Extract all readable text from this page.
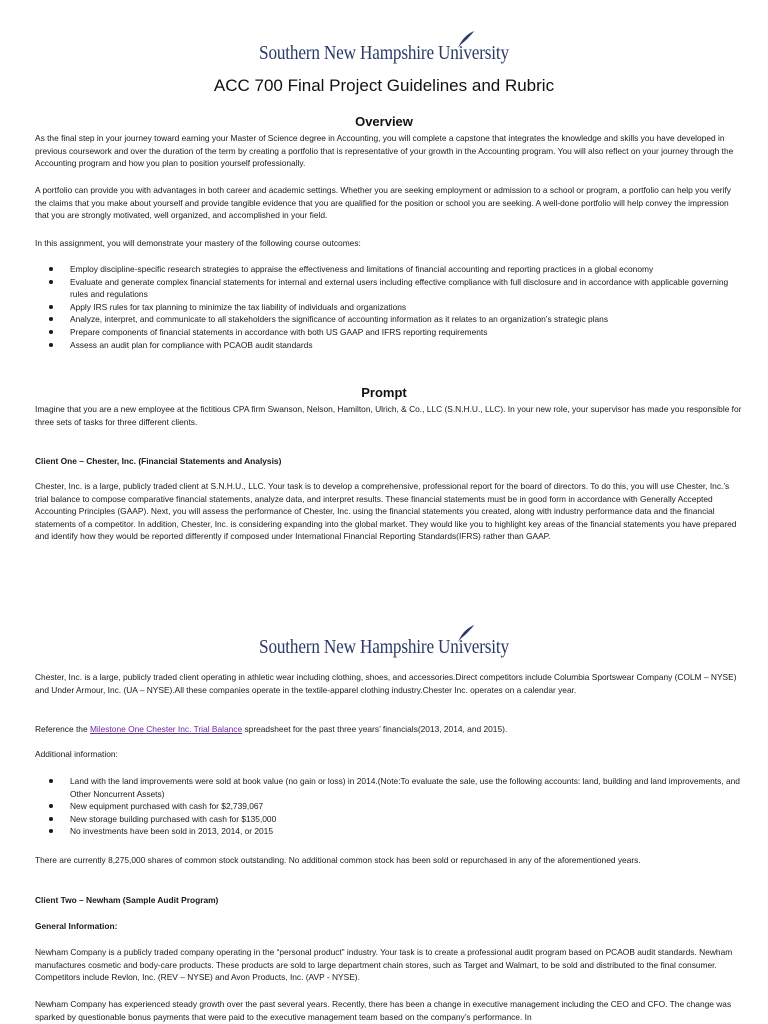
Southern New Hampshire University
ACC 700 Final Project Guidelines and Rubric
Overview
As the final step in your journey toward earning your Master of Science degree in Accounting, you will complete a capstone that integrates the knowledge and skills you have developed in previous coursework and over the duration of the term by creating a portfolio that is representative of your growth in the Accounting program. You will also reflect on your journey through the Accounting program and how you plan to position yourself professionally.
A portfolio can provide you with advantages in both career and academic settings. Whether you are seeking employment or admission to a school or program, a portfolio can help you verify the claims that you make about yourself and provide tangible evidence that you are qualified for the position or school you are seeking. A well-done portfolio will help convey the impression that you are strongly motivated, well organized, and accomplished in your field.
In this assignment, you will demonstrate your mastery of the following course outcomes:
Employ discipline-specific research strategies to appraise the effectiveness and limitations of financial accounting and reporting practices in a global economy
Evaluate and generate complex financial statements for internal and external users including effective compliance with full disclosure and in accordance with applicable governing rules and regulations
Apply IRS rules for tax planning to minimize the tax liability of individuals and organizations
Analyze, interpret, and communicate to all stakeholders the significance of accounting information as it relates to an organization’s strategic plans
Prepare components of financial statements in accordance with both US GAAP and IFRS reporting requirements
Assess an audit plan for compliance with PCAOB audit standards
Prompt
Imagine that you are a new employee at the fictitious CPA firm Swanson, Nelson, Hamilton, Ulrich, & Co., LLC (S.N.H.U., LLC). In your new role, your supervisor has made you responsible for three sets of tasks for three different clients.
Client One – Chester, Inc. (Financial Statements and Analysis)
Chester, Inc. is a large, publicly traded client at S.N.H.U., LLC. Your task is to develop a comprehensive, professional report for the board of directors. To do this, you will use Chester, Inc.’s trial balance to compose comparative financial statements, analyze data, and interpret results. These financial statements must be in good form in accordance with Generally Accepted Accounting Principles (GAAP). Next, you will assess the performance of Chester, Inc. using the financial statements you created, along with industry performance data and the financial statements of a competitor. In addition, Chester, Inc. is considering expanding into the global market. They would like you to highlight key areas of the financial statements you have prepared and identify how they would be reported differently if composed under International Financial Reporting Standards(IFRS) rather than GAAP.
Southern New Hampshire University
Chester, Inc. is a large, publicly traded client operating in athletic wear including clothing, shoes, and accessories.Direct competitors include Columbia Sportswear Company (COLM – NYSE) and Under Armour, Inc. (UA – NYSE).All these companies operate in the textile-apparel clothing industry.Chester Inc. operates on a calendar year.
Reference the Milestone One Chester Inc. Trial Balance spreadsheet for the past three years’ financials(2013, 2014, and 2015).
Additional information:
Land with the land improvements were sold at book value (no gain or loss) in 2014.(Note:To evaluate the sale, use the following accounts: land, building and land improvements, and Other Noncurrent Assets)
New equipment purchased with cash for $2,739,067
New storage building purchased with cash for $135,000
No investments have been sold in 2013, 2014, or 2015
There are currently 8,275,000 shares of common stock outstanding. No additional common stock has been sold or repurchased in any of the aforementioned years.
Client Two – Newham (Sample Audit Program)
General Information:
Newham Company is a publicly traded company operating in the “personal product” industry. Your task is to create a professional audit program based on PCAOB audit standards. Newham manufactures cosmetic and body-care products. These products are sold to large department chain stores, such as Target and Walmart, to be sold and distributed to the final consumer. Competitors include Revlon, Inc. (REV – NYSE) and Avon Products, Inc. (AVP - NYSE).
Newham Company has experienced steady growth over the past several years. Recently, there has been a change in executive management including the CEO and CFO. The change was sparked by questionable bonus payments that were paid to the executive management team based on the company’s performance. In
